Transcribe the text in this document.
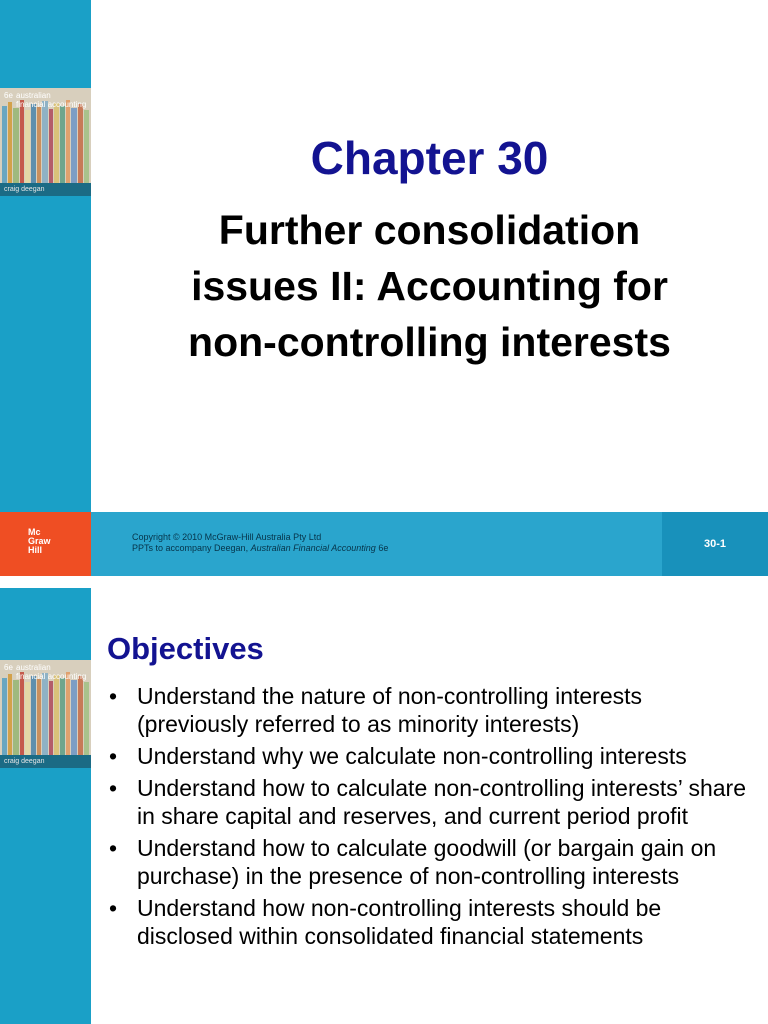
6e australian
financial accounting
craig deegan
Chapter 30
Further consolidation
issues II: Accounting for
non-controlling interests
Mc
Graw
Hill
Copyright © 2010 McGraw-Hill Australia Pty Ltd
PPTs to accompany Deegan, Australian Financial Accounting 6e	30-1
6e australian
financial accounting
craig deegan
Objectives
• Understand the nature of non-controlling interests (previously referred to as minority interests)
• Understand why we calculate non-controlling interests
• Understand how to calculate non-controlling interests’ share in share capital and reserves, and current period profit
• Understand how to calculate goodwill (or bargain gain on purchase) in the presence of non-controlling interests
• Understand how non-controlling interests should be disclosed within consolidated financial statements
